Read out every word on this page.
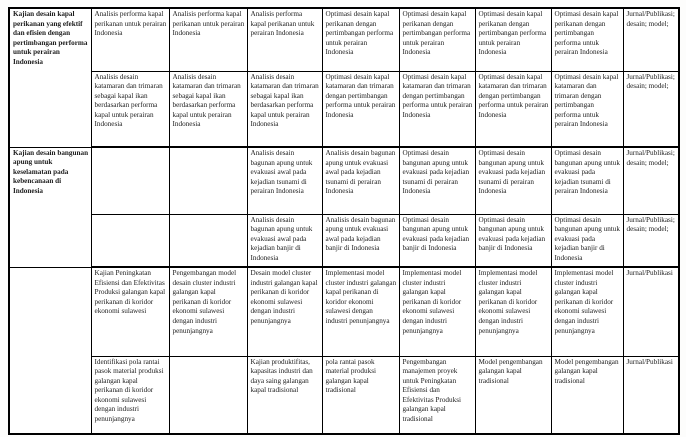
Kajian desain kapal perikanan yang efektif dan efisien dengan pertimbangan performa untuk perairan Indonesia	Analisis performa kapal perikanan untuk perairan Indonesia	Analisis performa kapal perikanan untuk perairan Indonesia	Analisis performa kapal perikanan untuk perairan Indonesia	Optimasi desain kapal perikanan dengan pertimbangan performa untuk perairan Indonesia	Optimasi desain kapal perikanan dengan pertimbangan performa untuk perairan Indonesia	Optimasi desain kapal perikanan dengan pertimbangan performa untuk perairan Indonesia	Optimasi desain kapal perikanan dengan pertimbangan performa untuk perairan Indonesia	Jurnal/Publikasi; desain; model;
	Analisis desain katamaran dan trimaran sebagai kapal ikan berdasarkan performa kapal untuk perairan Indonesia	Analisis desain katamaran dan trimaran sebagai kapal ikan berdasarkan performa kapal untuk perairan Indonesia	Analisis desain katamaran dan trimaran sebagai kapal ikan berdasarkan performa kapal untuk perairan Indonesia	Optimasi desain kapal katamaran dan trimaran dengan pertimbangan performa untuk perairan Indonesia	Optimasi desain kapal katamaran dan trimaran dengan pertimbangan performa untuk perairan Indonesia	Optimasi desain kapal katamaran dan trimaran dengan pertimbangan performa untuk perairan Indonesia	Optimasi desain kapal katamaran dan trimaran dengan pertimbangan performa untuk perairan Indonesia	Jurnal/Publikasi; desain; model;
Kajian desain bangunan apung untuk keselamatan pada kebencanaan di Indonesia			Analisis desain bagunan apung untuk evakuasi awal pada kejadian tsunami di perairan Indonesia	Analisis desain bagunan apung untuk evakuasi awal pada kejadian tsunami di perairan Indonesia	Optimasi desain bangunan apung untuk evakuasi pada kejadian tsunami di perairan Indonesia	Optimasi desain bangunan apung untuk evakuasi pada kejadian tsunami di perairan Indonesia	Optimasi desain bangunan apung untuk evakuasi pada kejadian tsunami di perairan Indonesia	Jurnal/Publikasi; desain; model;
			Analisis desain bagunan apung untuk evakuasi awal pada kejadian banjir di Indonesia	Analisis desain bagunan apung untuk evakuasi awal pada kejadian banjir di Indonesia	Optimasi desain bangunan apung untuk evakuasi pada kejadian banjir di Indonesia	Optimasi desain bangunan apung untuk evakuasi pada kejadian banjir di Indonesia	Optimasi desain bangunan apung untuk evakuasi pada kejadian banjir di Indonesia	Jurnal/Publikasi; desain; model;
	Kajian Peningkatan Efisiensi dan Efektivitas Produksi galangan kapal perikanan di koridor ekonomi sulawesi	Pengembangan model desain cluster industri galangan kapal perikanan di koridor ekonomi sulawesi dengan industri penunjangnya	Desain model cluster industri galangan kapal perikanan di koridor ekonomi sulawesi dengan industri penunjangnya	Implementasi model cluster industri galangan kapal perikanan di koridor ekonomi sulawesi dengan industri penunjangnya	Implementasi model cluster industri galangan kapal perikanan di koridor ekonomi sulawesi dengan industri penunjangnya	Implementasi model cluster industri galangan kapal perikanan di koridor ekonomi sulawesi dengan industri penunjangnya	Implementasi model cluster industri galangan kapal perikanan di koridor ekonomi sulawesi dengan industri penunjangnya	Jurnal/Publikasi
	Identifikasi pola rantai pasok material produksi galangan kapal perikanan di koridor ekonomi sulawesi dengan industri penunjangnya		Kajian produktifitas, kapasitas industri dan daya saing galangan kapal tradisional	pola rantai pasok material produksi galangan kapal tradisional	Pengembangan manajemen proyek untuk Peningkatan Efisiensi dan Efektivitas Produksi galangan kapal tradisional	Model pengembangan galangan kapal tradisional	Model pengembangan galangan kapal tradisional	Jurnal/Publikasi
